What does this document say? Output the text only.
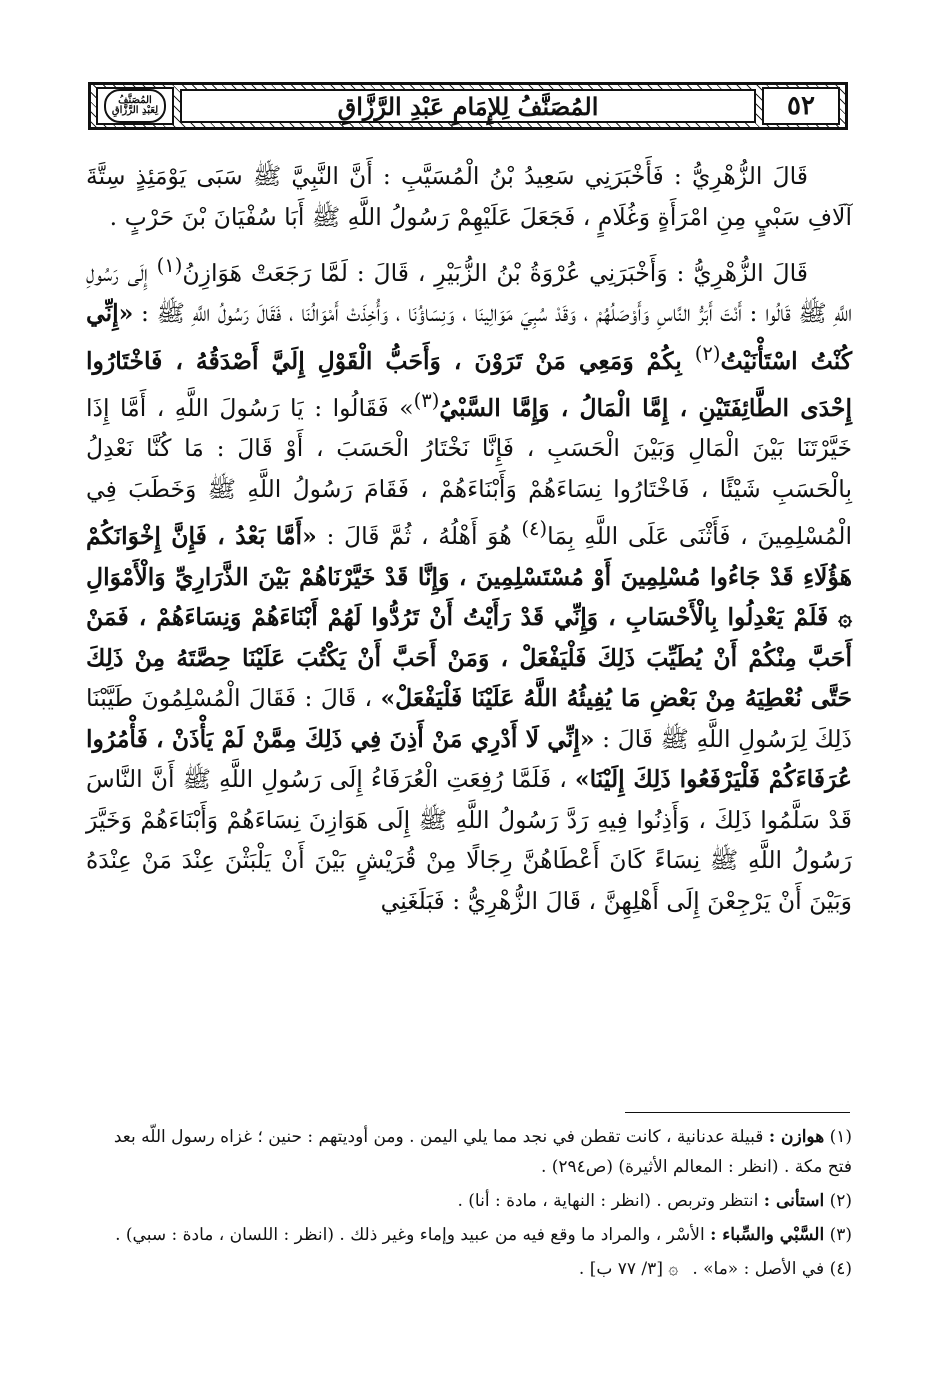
٥٢
المُصَنَّفُ لِلإِمَامِ عَبْدِ الرَّزَّاقِ
المُصَنَّفُ
لِعَبْدِ الرَّزَّاقِ

قَالَ الزُّهْرِيُّ : فَأَخْبَرَنِي سَعِيدُ بْنُ الْمُسَيَّبِ : أَنَّ النَّبِيَّ ﷺ سَبَى يَوْمَئِذٍ سِتَّةَ آلَافِ سَبْيٍ مِنِ امْرَأَةٍ وَغُلَامٍ ، فَجَعَلَ عَلَيْهِمْ رَسُولُ اللَّهِ ﷺ أَبَا سُفْيَانَ بْنَ حَرْبٍ .

قَالَ الزُّهْرِيُّ : وَأَخْبَرَنِي عُرْوَةُ بْنُ الزُّبَيْرِ ، قَالَ : لَمَّا رَجَعَتْ هَوَازِنُ$^{(١)}$ إِلَى رَسُولِ اللَّهِ ﷺ قَالُوا : أَنْتَ أَبَرُّ النَّاسِ وَأَوْصَلُهُمْ ، وَقَدْ سُبِيَ مَوَالِينَا ، وَنِسَاؤُنَا ، وَأُخِذَتْ أَمْوَالُنَا ، فَقَالَ رَسُولُ اللَّهِ ﷺ : «إِنِّي كُنْتُ اسْتَأْنَيْتُ$^{(٢)}$ بِكُمْ وَمَعِي مَنْ تَرَوْنَ ، وَأَحَبُّ الْقَوْلِ إِلَيَّ أَصْدَقُهُ ، فَاخْتَارُوا إِحْدَى الطَّائِفَتَيْنِ ، إِمَّا الْمَالُ ، وَإِمَّا السَّبْيُ$^{(٣)}$» فَقَالُوا : يَا رَسُولَ اللَّهِ ، أَمَّا إِذَا خَيَّرْتَنَا بَيْنَ الْمَالِ وَبَيْنَ الْحَسَبِ ، فَإِنَّا نَخْتَارُ الْحَسَبَ ، أَوْ قَالَ : مَا كُنَّا نَعْدِلُ بِالْحَسَبِ شَيْئًا ، فَاخْتَارُوا نِسَاءَهُمْ وَأَبْنَاءَهُمْ ، فَقَامَ رَسُولُ اللَّهِ ﷺ وَخَطَبَ فِي الْمُسْلِمِينَ ، فَأَثْنَى عَلَى اللَّهِ بِمَا$^{(٤)}$ هُوَ أَهْلُهُ ، ثُمَّ قَالَ : «أَمَّا بَعْدُ ، فَإِنَّ إِخْوَانَكُمْ هَؤُلَاءِ قَدْ جَاءُوا مُسْلِمِينَ أَوْ مُسْتَسْلِمِينَ ، وَإِنَّا قَدْ خَيَّرْنَاهُمْ بَيْنَ الذَّرَارِيِّ وَالْأَمْوَالِ ۞ فَلَمْ يَعْدِلُوا بِالْأَحْسَابِ ، وَإِنِّي قَدْ رَأَيْتُ أَنْ تَرُدُّوا لَهُمْ أَبْنَاءَهُمْ وَنِسَاءَهُمْ ، فَمَنْ أَحَبَّ مِنْكُمْ أَنْ يُطَيِّبَ ذَلِكَ فَلْيَفْعَلْ ، وَمَنْ أَحَبَّ أَنْ يَكْتُبَ عَلَيْنَا حِصَّتَهُ مِنْ ذَلِكَ حَتَّى نُعْطِيَهُ مِنْ بَعْضِ مَا يُفِيئُهُ اللَّهُ عَلَيْنَا فَلْيَفْعَلْ» ، قَالَ : فَقَالَ الْمُسْلِمُونَ طَيَّبْنَا ذَلِكَ لِرَسُولِ اللَّهِ ﷺ قَالَ : «إِنِّي لَا أَدْرِي مَنْ أَذِنَ فِي ذَلِكَ مِمَّنْ لَمْ يَأْذَنْ ، فَأْمُرُوا عُرَفَاءَكُمْ فَلْيَرْفَعُوا ذَلِكَ إِلَيْنَا» ، فَلَمَّا رُفِعَتِ الْعُرَفَاءُ إِلَى رَسُولِ اللَّهِ ﷺ أَنَّ النَّاسَ قَدْ سَلَّمُوا ذَلِكَ ، وَأَذِنُوا فِيهِ رَدَّ رَسُولُ اللَّهِ ﷺ إِلَى هَوَازِنَ نِسَاءَهُمْ وَأَبْنَاءَهُمْ وَخَيَّرَ رَسُولُ اللَّهِ ﷺ نِسَاءً كَانَ أَعْطَاهُنَّ رِجَالًا مِنْ قُرَيْشٍ بَيْنَ أَنْ يَلْبَثْنَ عِنْدَ مَنْ عِنْدَهُ وَبَيْنَ أَنْ يَرْجِعْنَ إِلَى أَهْلِهِنَّ ، قَالَ الزُّهْرِيُّ : فَبَلَغَنِي

(١) هوازن : قبيلة عدنانية ، كانت تقطن في نجد مما يلي اليمن . ومن أوديتهم : حنين ؛ غزاه رسول اللّه بعد فتح مكة . (انظر : المعالم الأثيرة) (ص٢٩٤) .

(٢) استأنى : انتظر وتربص . (انظر : النهاية ، مادة : أنا) .

(٣) السَّبْي والسِّباء : الأسْر ، والمراد ما وقع فيه من عبيد وإماء وغير ذلك . (انظر : اللسان ، مادة : سبي) .

(٤) في الأصل : «ما» .۞ [٣/ ٧٧ ب] .
